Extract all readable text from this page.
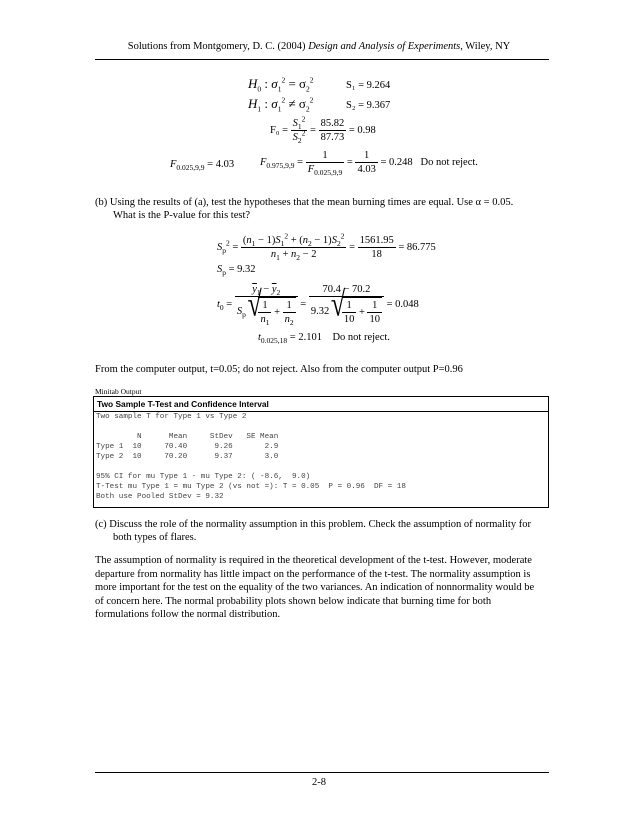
Solutions from Montgomery, D. C. (2004) Design and Analysis of Experiments, Wiley, NY
$H_0$ : $\sigma_1^2 = \sigma_2^2$
$H_1$ : $\sigma_1^2 \ne \sigma_2^2$
S₁ = 9.264
S₂ = 9.367
$F_0 = \frac{S_1^2}{S_2^2} = \frac{85.82}{87.73} = 0.98$
$F_{0.025,9,9} = 4.03$ $F_{0.975,9,9} = \frac{1}{F_{0.025,9,9}} = \frac{1}{4.03} = 0.248$ Do not reject.
(b) Using the results of (a), test the hypotheses that the mean burning times are equal. Use α = 0.05.
What is the P-value for this test?
$S_p^2 = \frac{(n_1 - 1)S_1^2 + (n_2 - 1)S_2^2}{n_1 + n_2 - 2} = \frac{1561.95}{18} = 86.775$
$S_p = 9.32$
$t_0 = \frac{\overline{y}_1 - \overline{y}_2}{S_p √ \frac{1}{n_1} + \frac{1}{n_2}} = \frac{70.4 - 70.2}{9.32 √ \frac{1}{10} + \frac{1}{10}} = 0.048$
$t_{0.025,18} = 2.101$ Do not reject.
From the computer output, t=0.05; do not reject. Also from the computer output P=0.96
Minitab Output
Two Sample T-Test and Confidence Interval
Two sample T for Type 1 vs Type 2

N      Mean     StDev   SE Mean
Type 1  10     70.40      9.26       2.9
Type 2  10     70.20      9.37       3.0

95% CI for mu Type 1 - mu Type 2: ( -8.6,  9.0)
T-Test mu Type 1 = mu Type 2 (vs not =): T = 0.05  P = 0.96  DF = 18
Both use Pooled StDev = 9.32
(c) Discuss the role of the normality assumption in this problem. Check the assumption of normality for
both types of flares.
The assumption of normality is required in the theoretical development of the t-test. However, moderate
departure from normality has little impact on the performance of the t-test. The normality assumption is
more important for the test on the equality of the two variances. An indication of nonnormality would be
of concern here. The normal probability plots shown below indicate that burning time for both
formulations follow the normal distribution.
2-8
